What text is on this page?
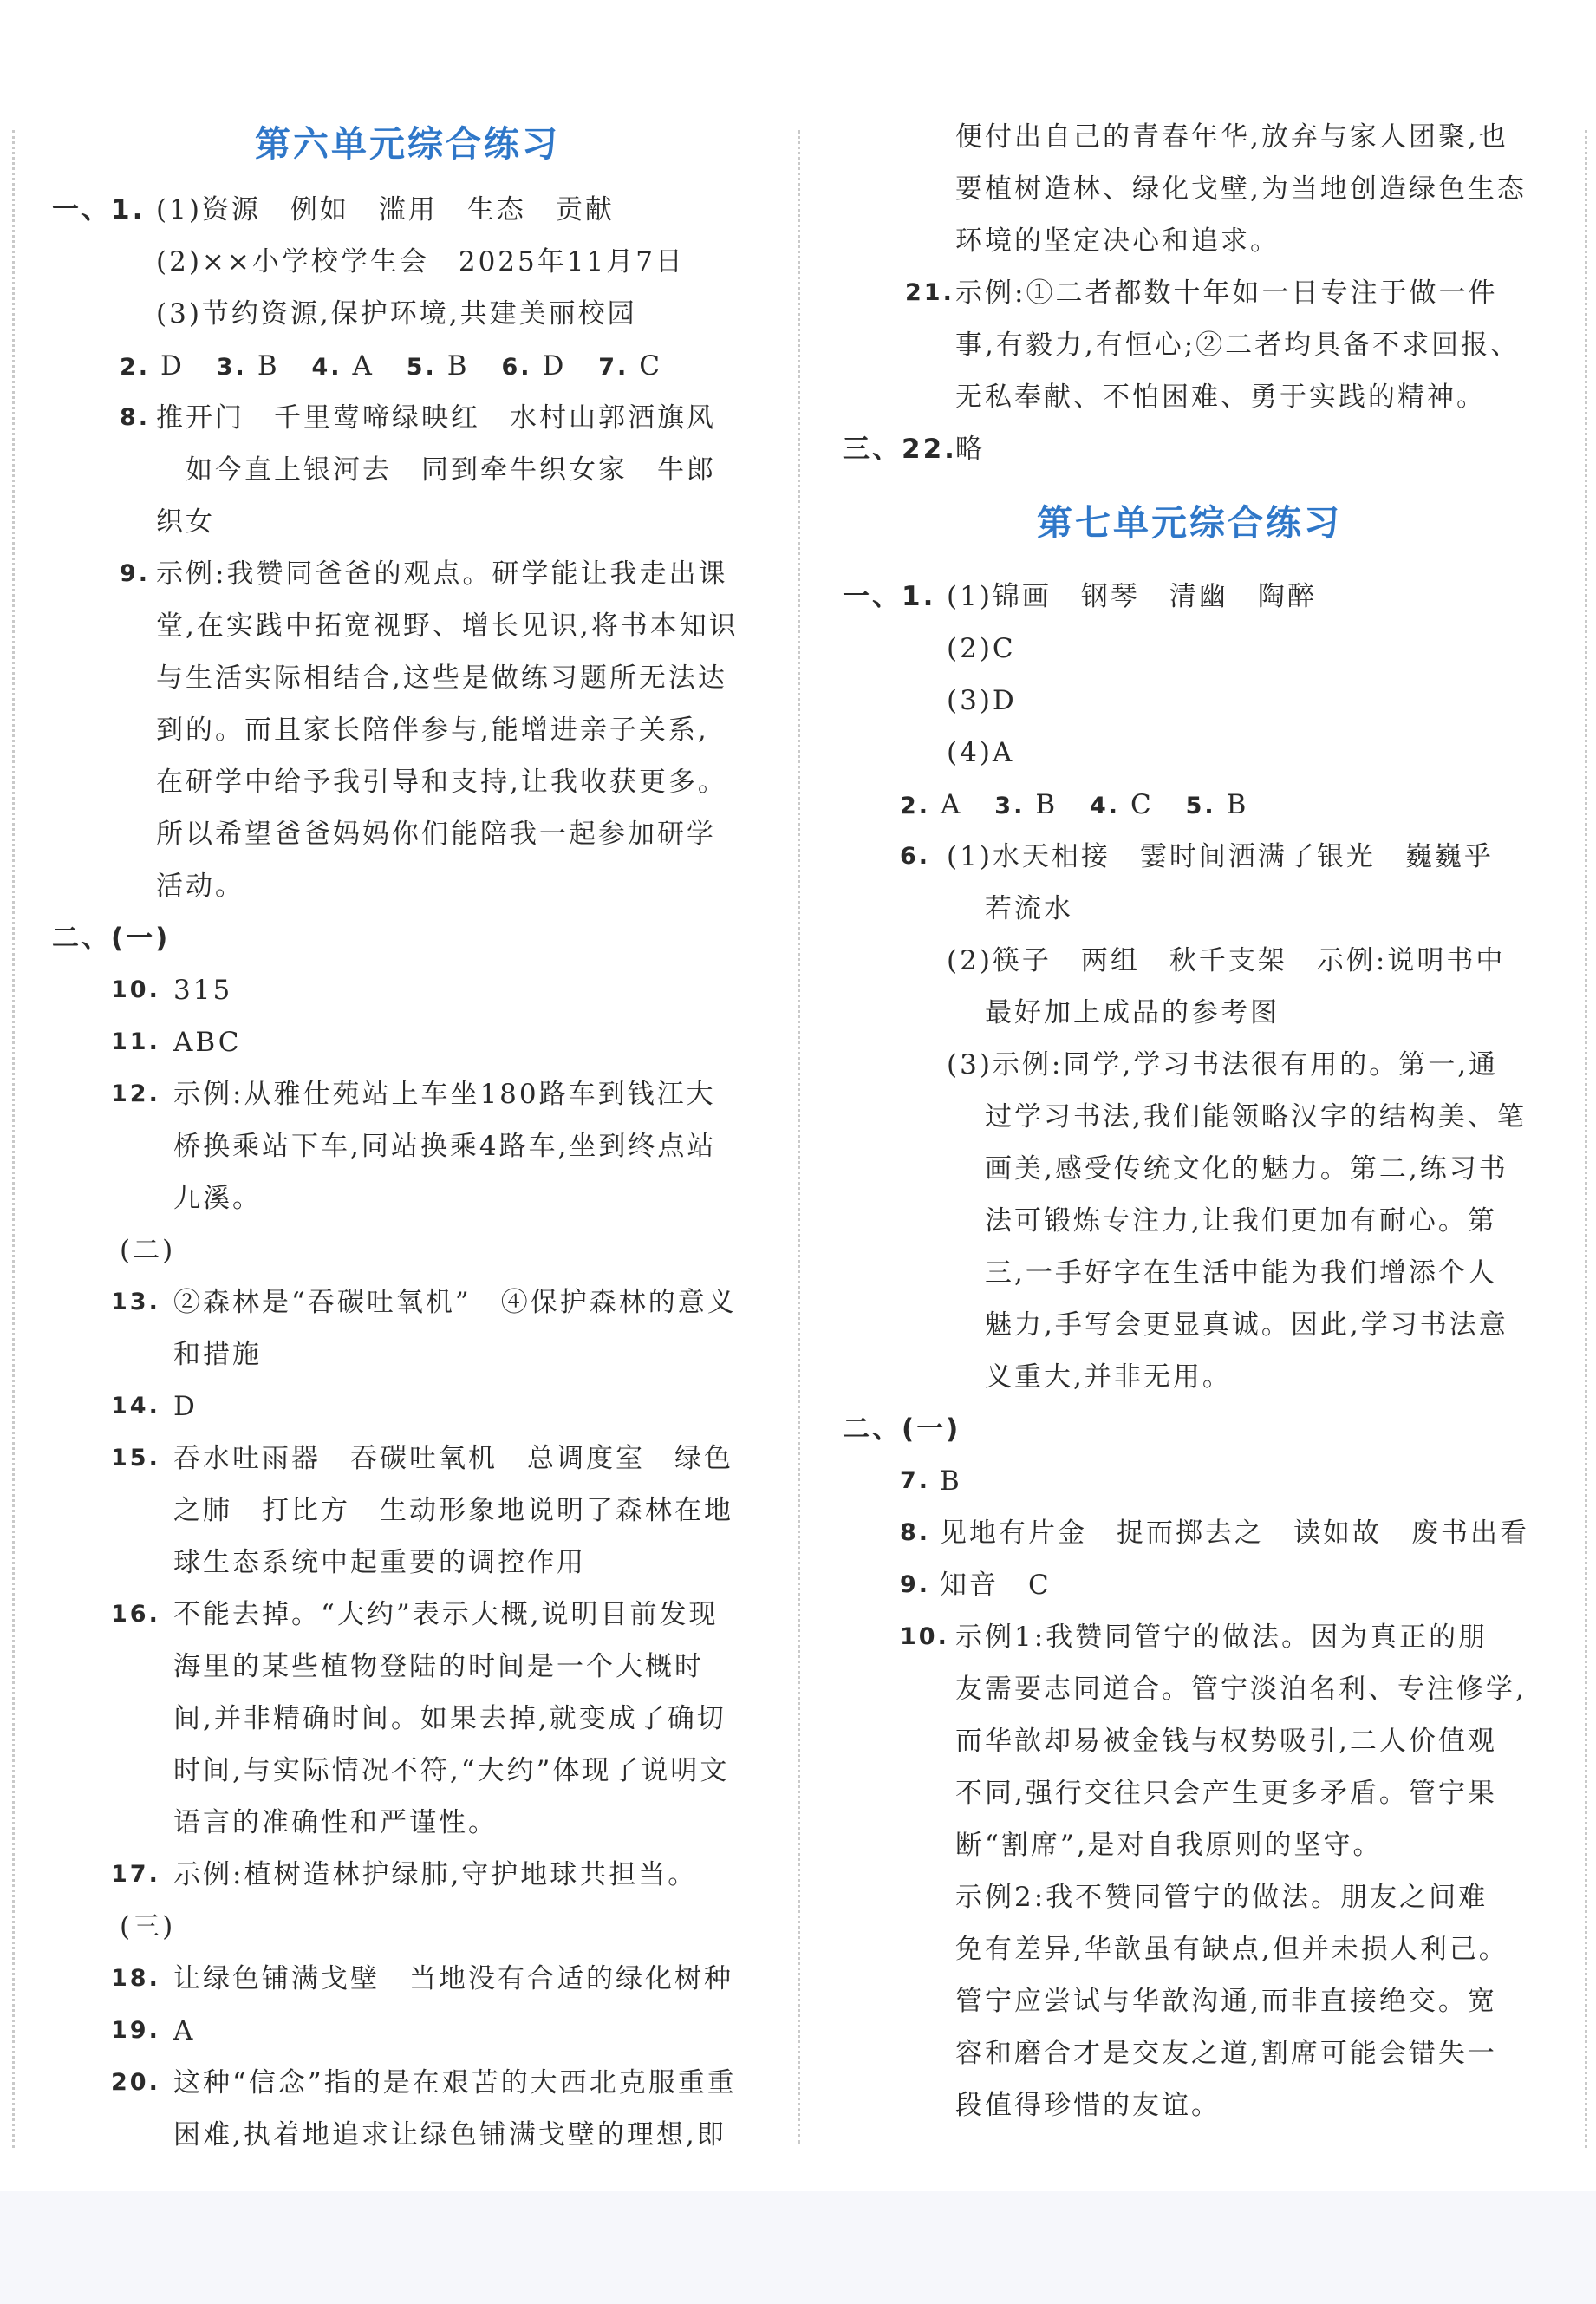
第六单元综合练习
一、1. (1)资源　例如　滥用　生态　贡献
(2)××小学校学生会　2025年11月7日
(3)节约资源,保护环境,共建美丽校园
2. D 3. B 4. A 5. B 6. D 7. C
8. 推开门　千里莺啼绿映红　水村山郭酒旗风
如今直上银河去　同到牵牛织女家　牛郎
织女
9. 示例:我赞同爸爸的观点。研学能让我走出课
堂,在实践中拓宽视野、增长见识,将书本知识
与生活实际相结合,这些是做练习题所无法达
到的。而且家长陪伴参与,能增进亲子关系,
在研学中给予我引导和支持,让我收获更多。
所以希望爸爸妈妈你们能陪我一起参加研学
活动。
二、(一)
10. 315
11. ABC
12. 示例:从雅仕苑站上车坐180路车到钱江大
桥换乘站下车,同站换乘4路车,坐到终点站
九溪。
(二)
13. ②森林是“吞碳吐氧机”　④保护森林的意义
和措施
14. D
15. 吞水吐雨器　吞碳吐氧机　总调度室　绿色
之肺　打比方　生动形象地说明了森林在地
球生态系统中起重要的调控作用
16. 不能去掉。“大约”表示大概,说明目前发现
海里的某些植物登陆的时间是一个大概时
间,并非精确时间。如果去掉,就变成了确切
时间,与实际情况不符,“大约”体现了说明文
语言的准确性和严谨性。
17. 示例:植树造林护绿肺,守护地球共担当。
(三)
18. 让绿色铺满戈壁　当地没有合适的绿化树种
19. A
20. 这种“信念”指的是在艰苦的大西北克服重重
困难,执着地追求让绿色铺满戈壁的理想,即
便付出自己的青春年华,放弃与家人团聚,也
要植树造林、绿化戈壁,为当地创造绿色生态
环境的坚定决心和追求。
21. 示例:①二者都数十年如一日专注于做一件
事,有毅力,有恒心;②二者均具备不求回报、
无私奉献、不怕困难、勇于实践的精神。
三、22.
略
第七单元综合练习
一、1. (1)锦画　钢琴　清幽　陶醉
(2)C
(3)D
(4)A
2. A 3. B 4. C 5. B
6. (1)水天相接　霎时间洒满了银光　巍巍乎
若流水
(2)筷子　两组　秋千支架　示例:说明书中
最好加上成品的参考图
(3)示例:同学,学习书法很有用的。第一,通
过学习书法,我们能领略汉字的结构美、笔
画美,感受传统文化的魅力。第二,练习书
法可锻炼专注力,让我们更加有耐心。第
三,一手好字在生活中能为我们增添个人
魅力,手写会更显真诚。因此,学习书法意
义重大,并非无用。
二、(一)
7. B
8. 见地有片金　捉而掷去之　读如故　废书出看
9. 知音　C
10. 示例1:我赞同管宁的做法。因为真正的朋
友需要志同道合。管宁淡泊名利、专注修学,
而华歆却易被金钱与权势吸引,二人价值观
不同,强行交往只会产生更多矛盾。管宁果
断“割席”,是对自我原则的坚守。
示例2:我不赞同管宁的做法。朋友之间难
免有差异,华歆虽有缺点,但并未损人利己。
管宁应尝试与华歆沟通,而非直接绝交。宽
容和磨合才是交友之道,割席可能会错失一
段值得珍惜的友谊。
